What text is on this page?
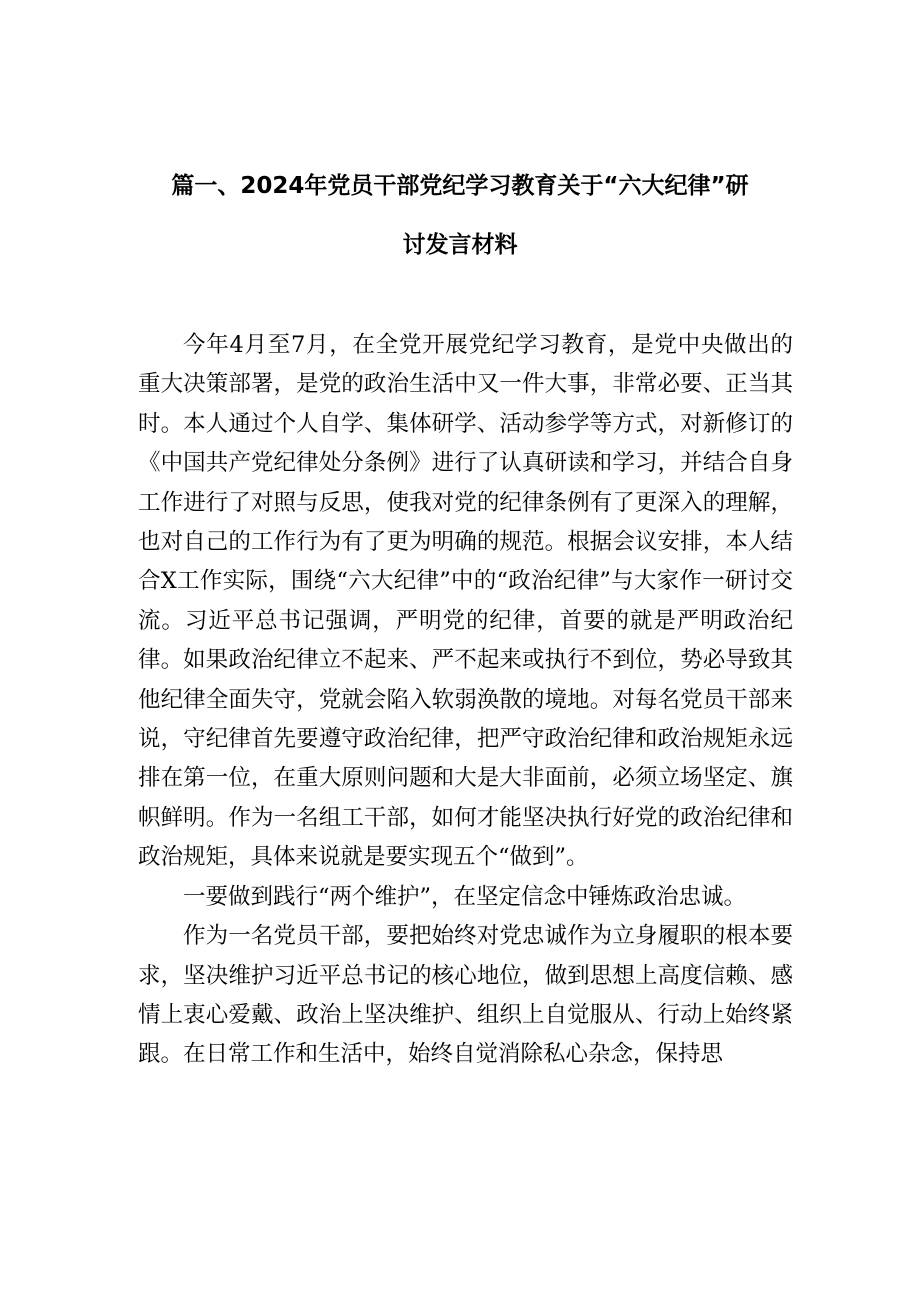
篇一、2024年党员干部党纪学习教育关于“六大纪律”研
讨发言材料

今年4月至7月，在全党开展党纪学习教育，是党中央做出的重大决策部署，是党的政治生活中又一件大事，非常必要、正当其时。本人通过个人自学、集体研学、活动参学等方式，对新修订的《中国共产党纪律处分条例》进行了认真研读和学习，并结合自身工作进行了对照与反思，使我对党的纪律条例有了更深入的理解，也对自己的工作行为有了更为明确的规范。根据会议安排，本人结合X工作实际，围绕“六大纪律”中的“政治纪律”与大家作一研讨交流。习近平总书记强调，严明党的纪律，首要的就是严明政治纪律。如果政治纪律立不起来、严不起来或执行不到位，势必导致其他纪律全面失守，党就会陷入软弱涣散的境地。对每名党员干部来说，守纪律首先要遵守政治纪律，把严守政治纪律和政治规矩永远排在第一位，在重大原则问题和大是大非面前，必须立场坚定、旗帜鲜明。作为一名组工干部，如何才能坚决执行好党的政治纪律和政治规矩，具体来说就是要实现五个“做到”。

一要做到践行“两个维护”，在坚定信念中锤炼政治忠诚。

作为一名党员干部，要把始终对党忠诚作为立身履职的根本要求，坚决维护习近平总书记的核心地位，做到思想上高度信赖、感情上衷心爱戴、政治上坚决维护、组织上自觉服从、行动上始终紧跟。在日常工作和生活中，始终自觉消除私心杂念，保持思
